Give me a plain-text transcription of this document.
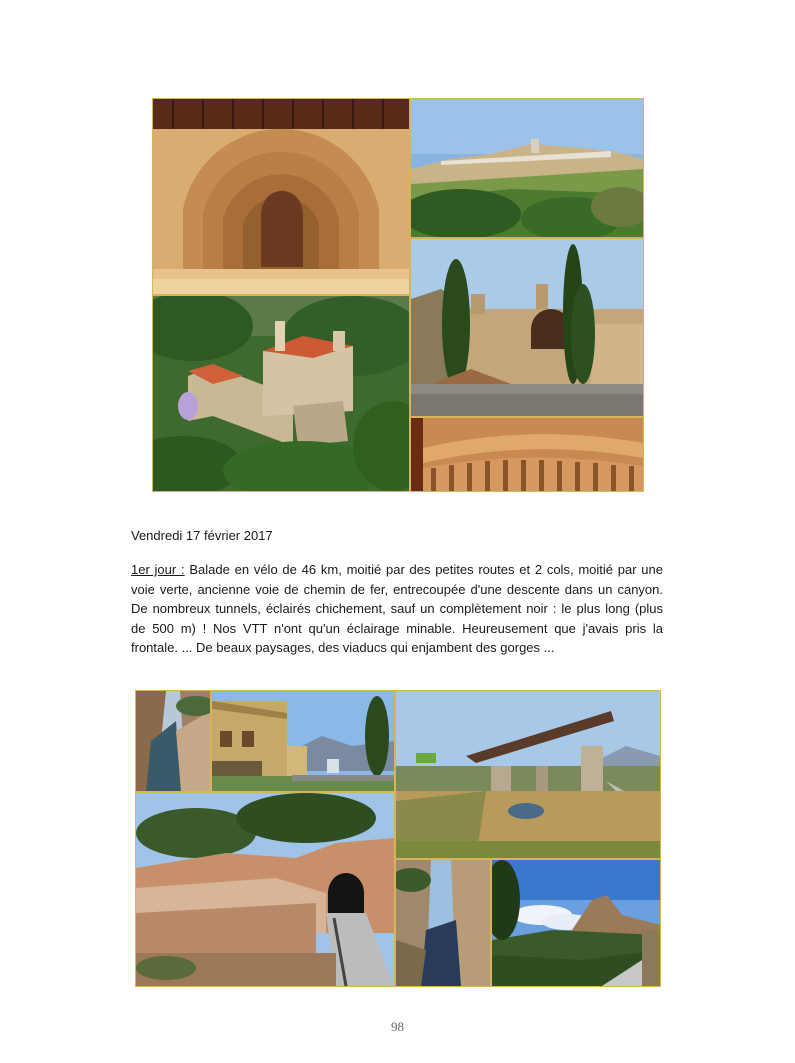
Vendredi 17 février 2017
1er jour : Balade en vélo de 46 km, moitié par des petites routes et 2 cols, moitié par une voie verte, ancienne voie de chemin de fer, entrecoupée d'une descente dans un canyon. De nombreux tunnels, éclairés chichement, sauf un complètement noir : le plus long (plus de 500 m) ! Nos VTT n'ont qu'un éclairage minable. Heureusement que j'avais pris la frontale. ... De beaux paysages, des viaducs qui enjambent des gorges ...
98
